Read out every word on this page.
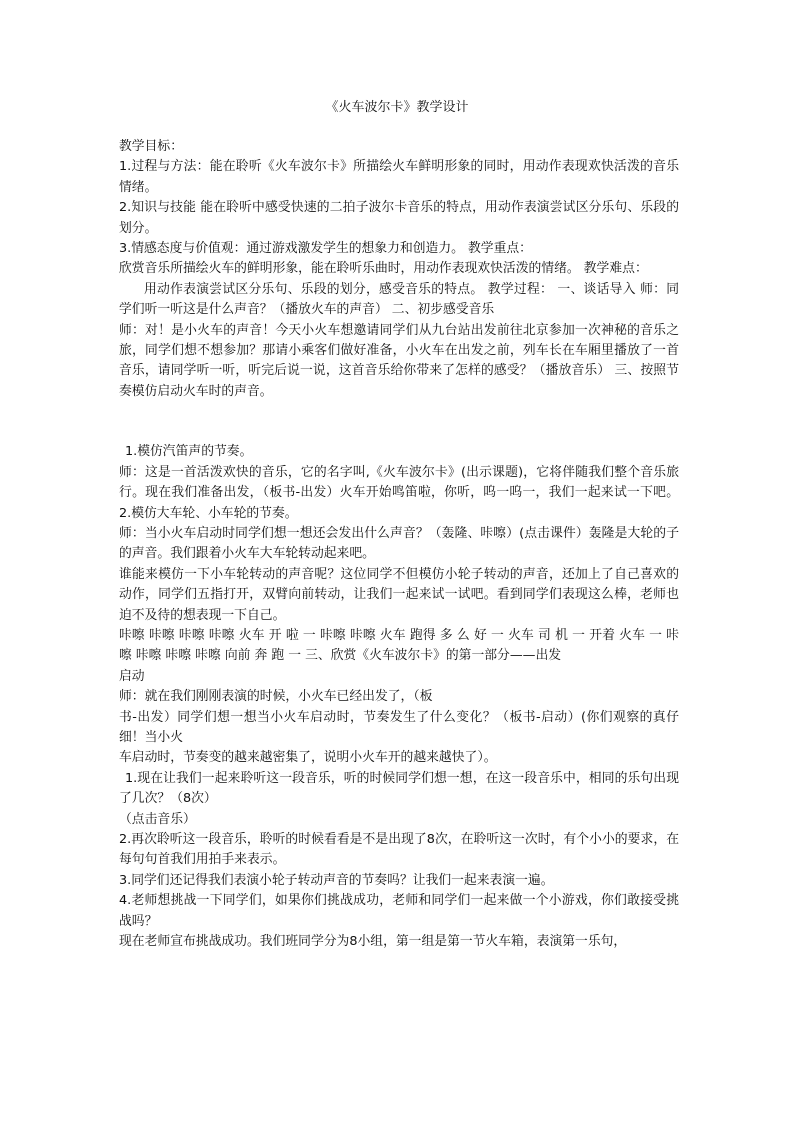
《火车波尔卡》教学设计

教学目标：

1.过程与方法：能在聆听《火车波尔卡》所描绘火车鲜明形象的同时，用动作表现欢快活泼的音乐情绪。

2.知识与技能 能在聆听中感受快速的二拍子波尔卡音乐的特点，用动作表演尝试区分乐句、乐段的划分。

3.情感态度与价值观：通过游戏激发学生的想象力和创造力。 教学重点：

欣赏音乐所描绘火车的鲜明形象，能在聆听乐曲时，用动作表现欢快活泼的情绪。 教学难点：

用动作表演尝试区分乐句、乐段的划分，感受音乐的特点。 教学过程： 一、谈话导入 师：同学们听一听这是什么声音？（播放火车的声音） 二、初步感受音乐

师：对！是小火车的声音！今天小火车想邀请同学们从九台站出发前往北京参加一次神秘的音乐之旅，同学们想不想参加？那请小乘客们做好准备，小火车在出发之前，列车长在车厢里播放了一首音乐，请同学听一听，听完后说一说，这首音乐给你带来了怎样的感受？（播放音乐） 三、按照节奏模仿启动火车时的声音。

1.模仿汽笛声的节奏。

师：这是一首活泼欢快的音乐，它的名字叫,《火车波尔卡》(出示课题)，它将伴随我们整个音乐旅行。现在我们准备出发，（板书-出发）火车开始鸣笛啦，你听，呜一呜一，我们一起来试一下吧。 2.模仿大车轮、小车轮的节奏。

师：当小火车启动时同学们想一想还会发出什么声音？（轰隆、咔嚓）(点击课件）轰隆是大轮的子的声音。我们跟着小火车大车轮转动起来吧。

谁能来模仿一下小车轮转动的声音呢？这位同学不但模仿小轮子转动的声音，还加上了自己喜欢的动作，同学们五指打开，双臂向前转动，让我们一起来试一试吧。看到同学们表现这么棒，老师也迫不及待的想表现一下自己。

咔嚓 咔嚓 咔嚓 咔嚓 火车 开 啦 一 咔嚓 咔嚓 火车 跑得 多 么 好 一 火车 司 机 一 开着 火车 一 咔嚓 咔嚓 咔嚓 咔嚓 向前 奔 跑 一 三、欣赏《火车波尔卡》的第一部分——出发

启动

师：就在我们刚刚表演的时候，小火车已经出发了，（板

书-出发）同学们想一想当小火车启动时，节奏发生了什么变化？（板书-启动）(你们观察的真仔细！当小火

车启动时，节奏变的越来越密集了，说明小火车开的越来越快了）。

1.现在让我们一起来聆听这一段音乐，听的时候同学们想一想，在这一段音乐中，相同的乐句出现了几次？（8次）

（点击音乐）

2.再次聆听这一段音乐，聆听的时候看看是不是出现了8次，在聆听这一次时，有个小小的要求，在每句句首我们用拍手来表示。

3.同学们还记得我们表演小轮子转动声音的节奏吗？让我们一起来表演一遍。

4.老师想挑战一下同学们，如果你们挑战成功，老师和同学们一起来做一个小游戏，你们敢接受挑战吗？

现在老师宣布挑战成功。我们班同学分为8小组，第一组是第一节火车箱，表演第一乐句，
